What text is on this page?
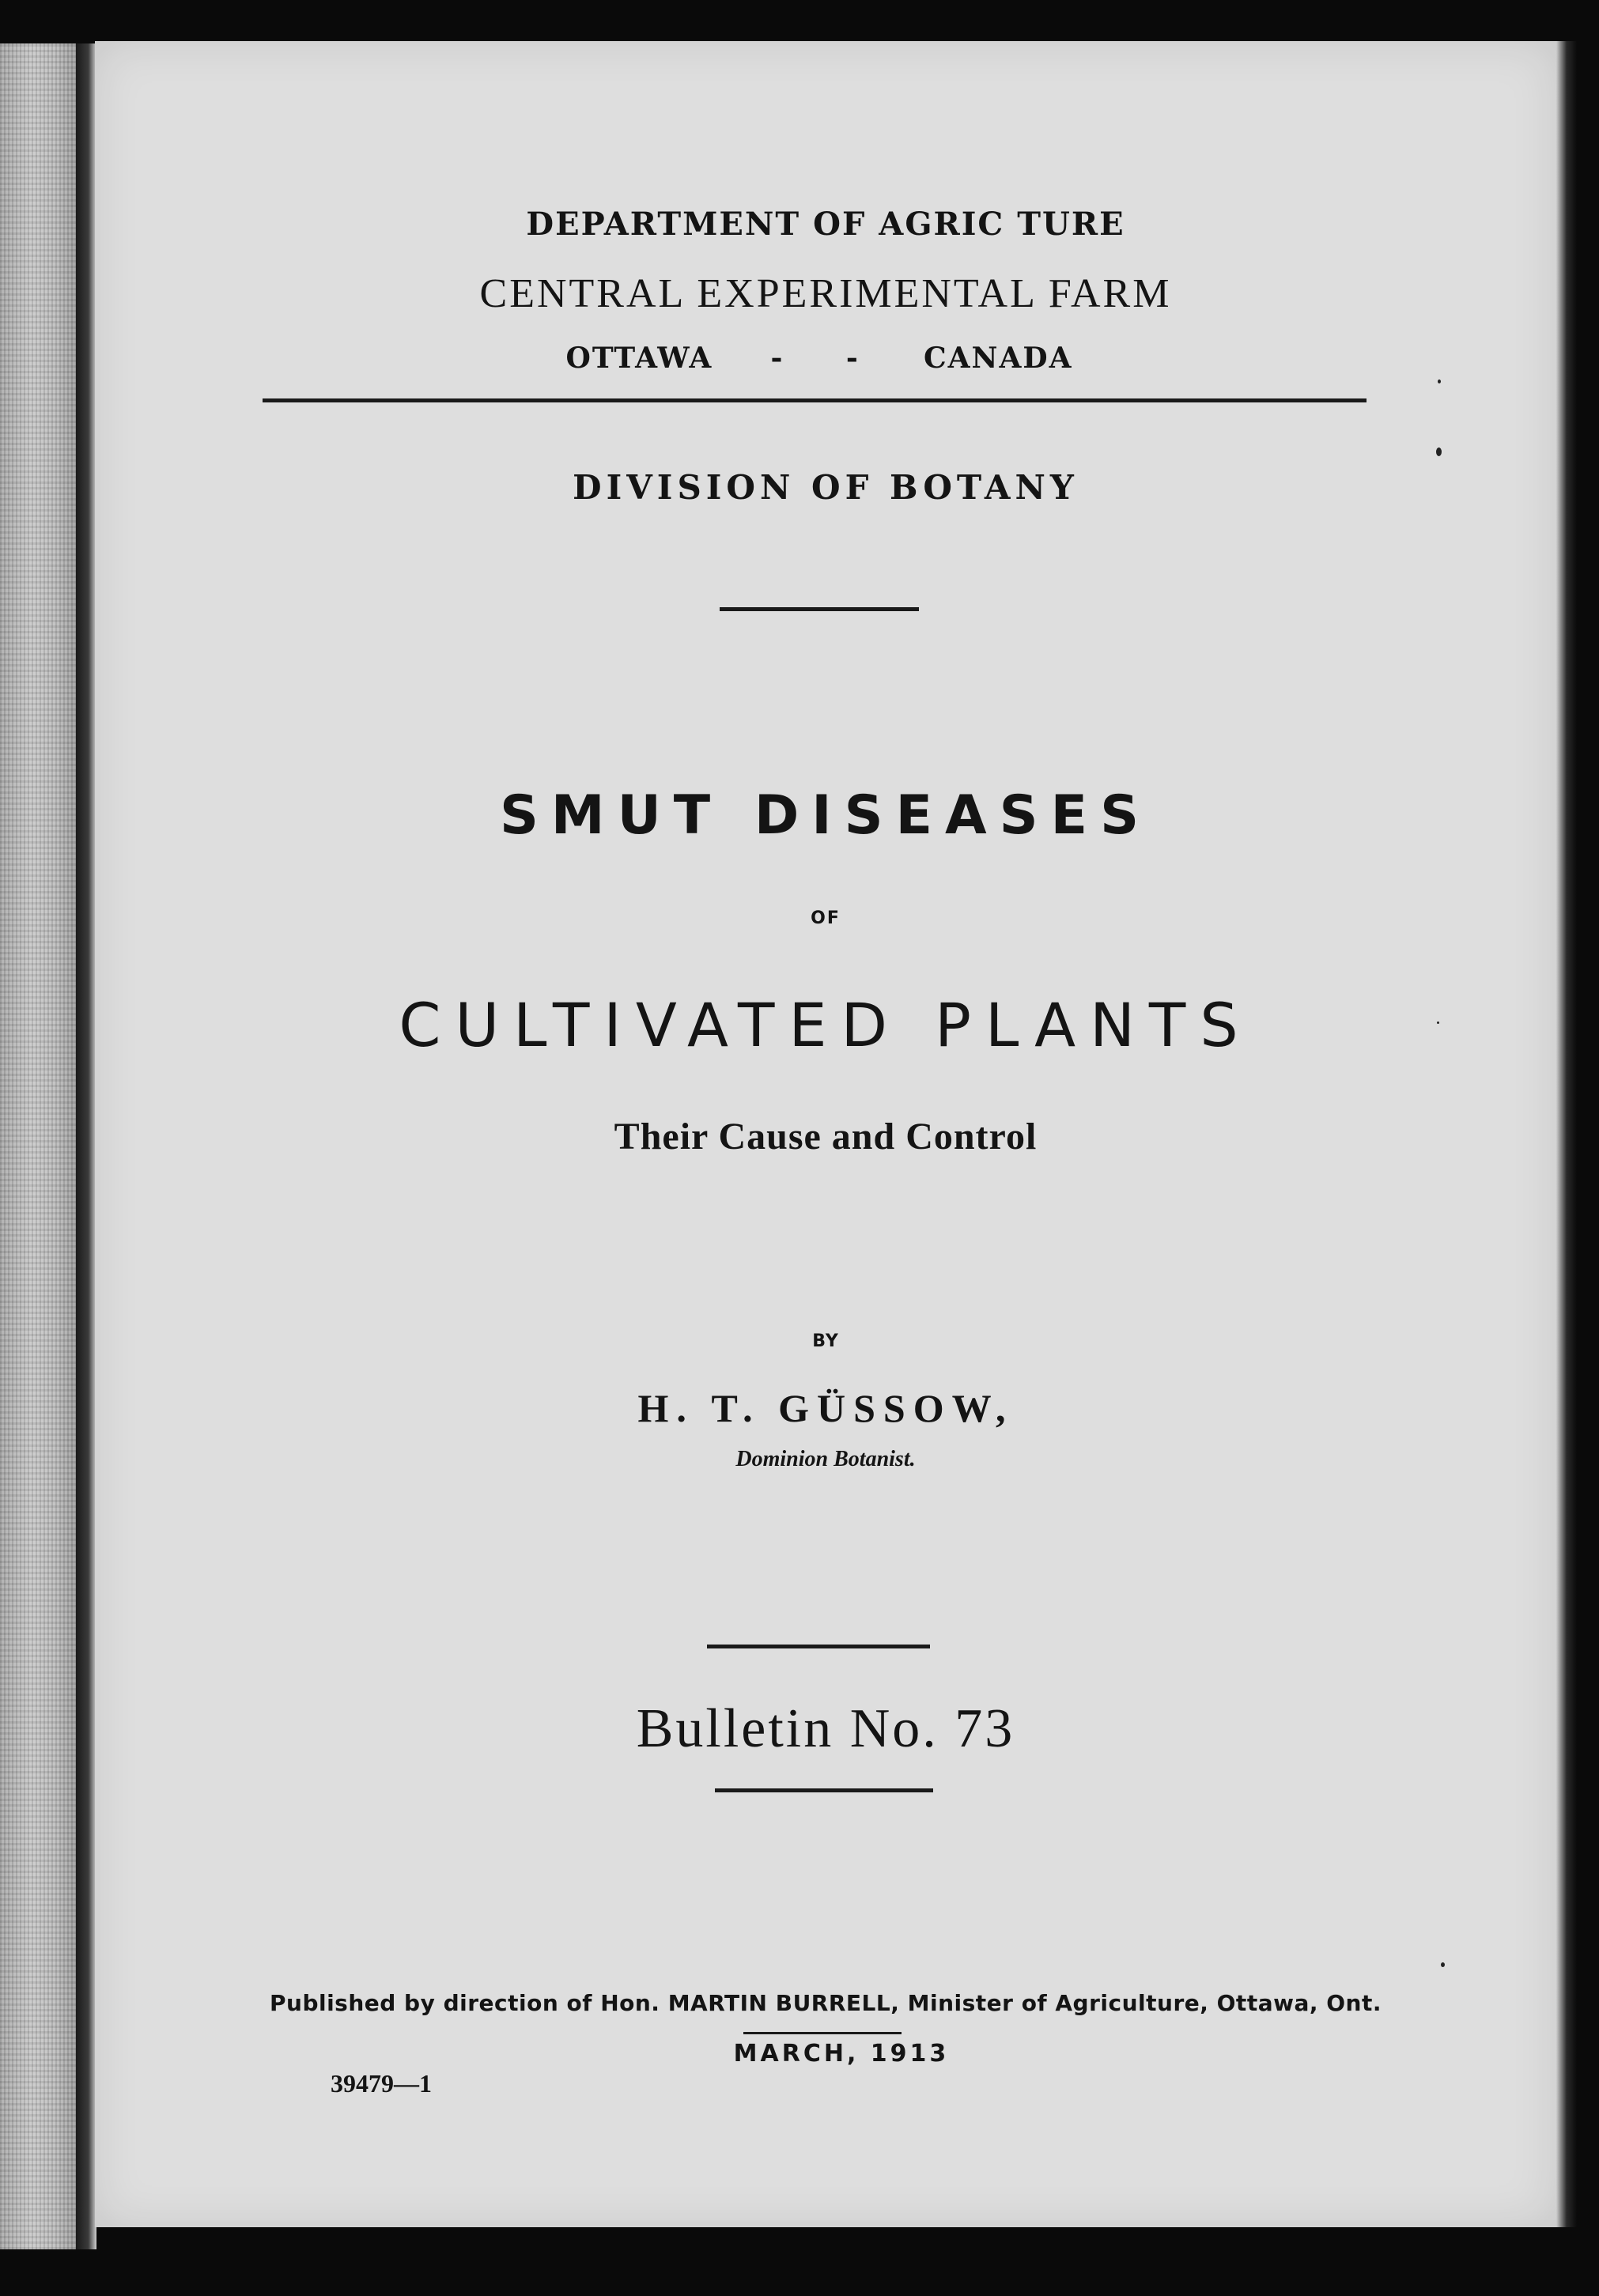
DEPARTMENT OF AGRIC TURE
CENTRAL EXPERIMENTAL FARM
OTTAWA - - CANADA
DIVISION OF BOTANY
SMUT DISEASES
OF
CULTIVATED PLANTS
Their Cause and Control
BY
H. T. GÜSSOW,
Dominion Botanist.
Bulletin No. 73
Published by direction of Hon. MARTIN BURRELL, Minister of Agriculture, Ottawa, Ont.
MARCH, 1913
39479—1
